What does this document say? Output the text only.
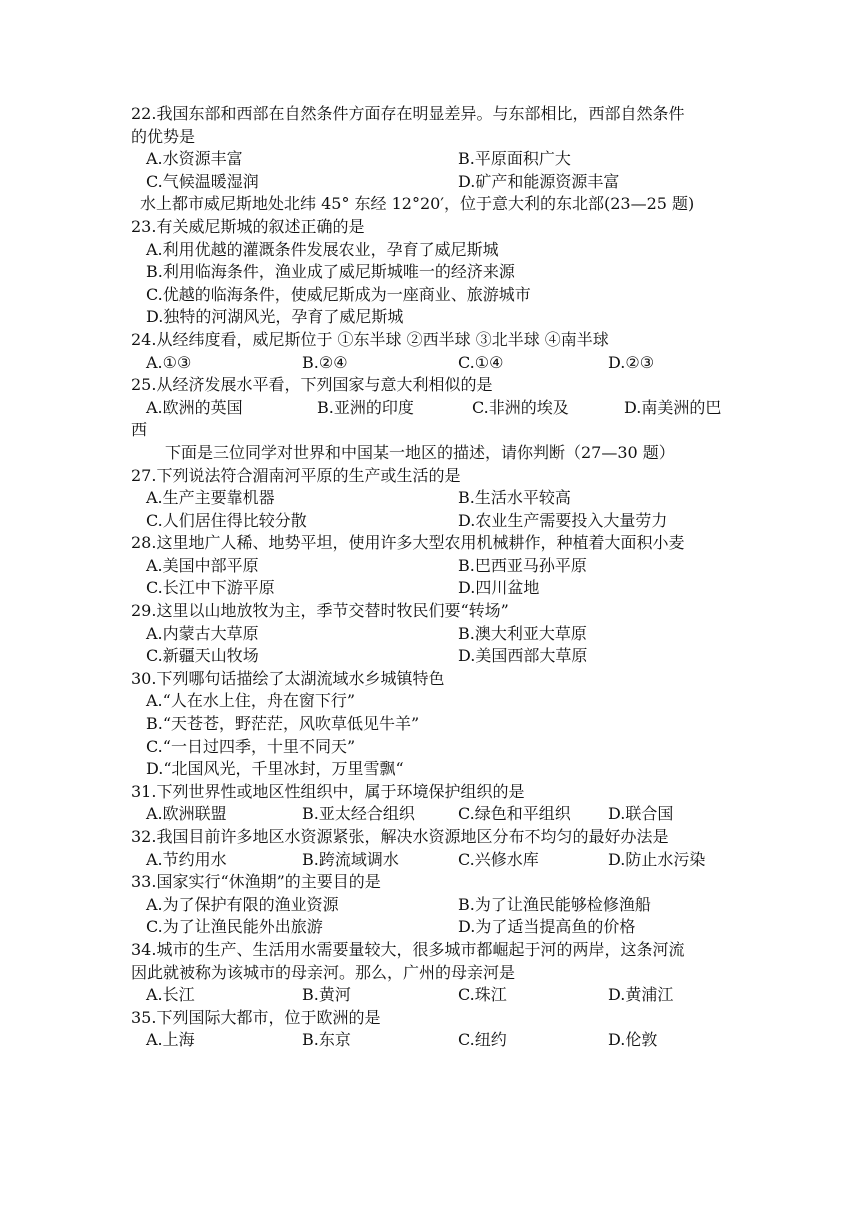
22.我国东部和西部在自然条件方面存在明显差异。与东部相比，西部自然条件
的优势是
A.水资源丰富	B.平原面积广大
C.气候温暖湿润	D.矿产和能源资源丰富
水上都市威尼斯地处北纬 45° 东经 12°20′，位于意大利的东北部(23—25 题)
23.有关威尼斯城的叙述正确的是
A.利用优越的灌溉条件发展农业，孕育了威尼斯城
B.利用临海条件，渔业成了威尼斯城唯一的经济来源
C.优越的临海条件，使威尼斯成为一座商业、旅游城市
D.独特的河湖风光，孕育了威尼斯城
24.从经纬度看，威尼斯位于 ①东半球 ②西半球 ③北半球 ④南半球
A.①③	B.②④	C.①④	D.②③
25.从经济发展水平看，下列国家与意大利相似的是
A.欧洲的英国	B.亚洲的印度	C.非洲的埃及	D.南美洲的巴
西
下面是三位同学对世界和中国某一地区的描述，请你判断（27—30 题）
27.下列说法符合湄南河平原的生产或生活的是
A.生产主要靠机器	B.生活水平较高
C.人们居住得比较分散	D.农业生产需要投入大量劳力
28.这里地广人稀、地势平坦，使用许多大型农用机械耕作，种植着大面积小麦
A.美国中部平原	B.巴西亚马孙平原
C.长江中下游平原	D.四川盆地
29.这里以山地放牧为主，季节交替时牧民们要“转场”
A.内蒙古大草原	B.澳大利亚大草原
C.新疆天山牧场	D.美国西部大草原
30.下列哪句话描绘了太湖流域水乡城镇特色
A.“人在水上住，舟在窗下行”
B.“天苍苍，野茫茫，风吹草低见牛羊”
C.“一日过四季，十里不同天”
D.“北国风光，千里冰封，万里雪飘“
31.下列世界性或地区性组织中，属于环境保护组织的是
A.欧洲联盟	B.亚太经合组织	C.绿色和平组织 D.联合国
32.我国目前许多地区水资源紧张，解决水资源地区分布不均匀的最好办法是
A.节约用水	B.跨流域调水	C.兴修水库	D.防止水污染
33.国家实行“休渔期”的主要目的是
A.为了保护有限的渔业资源	B.为了让渔民能够检修渔船
C.为了让渔民能外出旅游	D.为了适当提高鱼的价格
34.城市的生产、生活用水需要量较大，很多城市都崛起于河的两岸，这条河流
因此就被称为该城市的母亲河。那么，广州的母亲河是
A.长江	B.黄河	C.珠江	D.黄浦江
35.下列国际大都市，位于欧洲的是
A.上海	B.东京	C.纽约	D.伦敦
